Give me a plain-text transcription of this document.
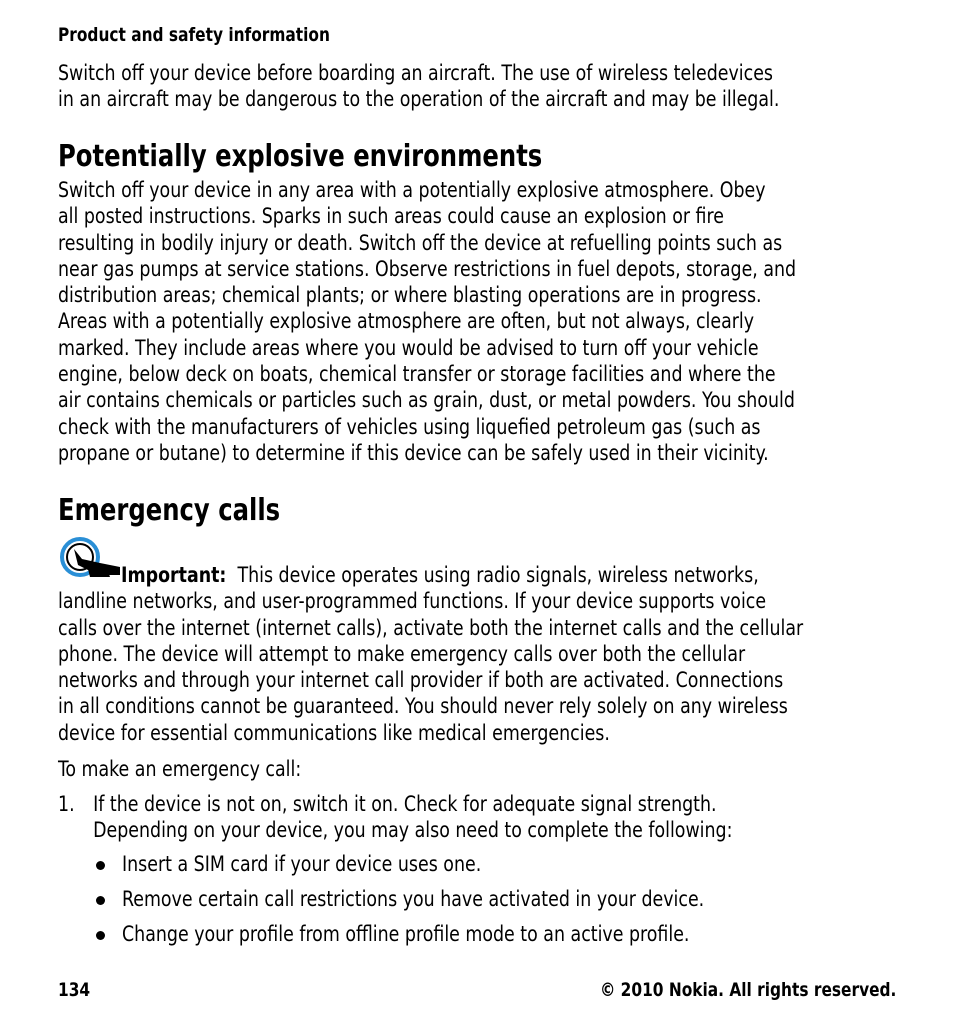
Product and safety information
Switch off your device before boarding an aircraft. The use of wireless teledevices
in an aircraft may be dangerous to the operation of the aircraft and may be illegal.
Potentially explosive environments
Switch off your device in any area with a potentially explosive atmosphere. Obey
all posted instructions. Sparks in such areas could cause an explosion or fire
resulting in bodily injury or death. Switch off the device at refuelling points such as
near gas pumps at service stations. Observe restrictions in fuel depots, storage, and
distribution areas; chemical plants; or where blasting operations are in progress.
Areas with a potentially explosive atmosphere are often, but not always, clearly
marked. They include areas where you would be advised to turn off your vehicle
engine, below deck on boats, chemical transfer or storage facilities and where the
air contains chemicals or particles such as grain, dust, or metal powders. You should
check with the manufacturers of vehicles using liquefied petroleum gas (such as
propane or butane) to determine if this device can be safely used in their vicinity.
Emergency calls
Important: This device operates using radio signals, wireless networks,
landline networks, and user-programmed functions. If your device supports voice
calls over the internet (internet calls), activate both the internet calls and the cellular
phone. The device will attempt to make emergency calls over both the cellular
networks and through your internet call provider if both are activated. Connections
in all conditions cannot be guaranteed. You should never rely solely on any wireless
device for essential communications like medical emergencies.
To make an emergency call:
1. If the device is not on, switch it on. Check for adequate signal strength.
Depending on your device, you may also need to complete the following:
Insert a SIM card if your device uses one.
Remove certain call restrictions you have activated in your device.
Change your profile from offline profile mode to an active profile.
134	© 2010 Nokia. All rights reserved.
